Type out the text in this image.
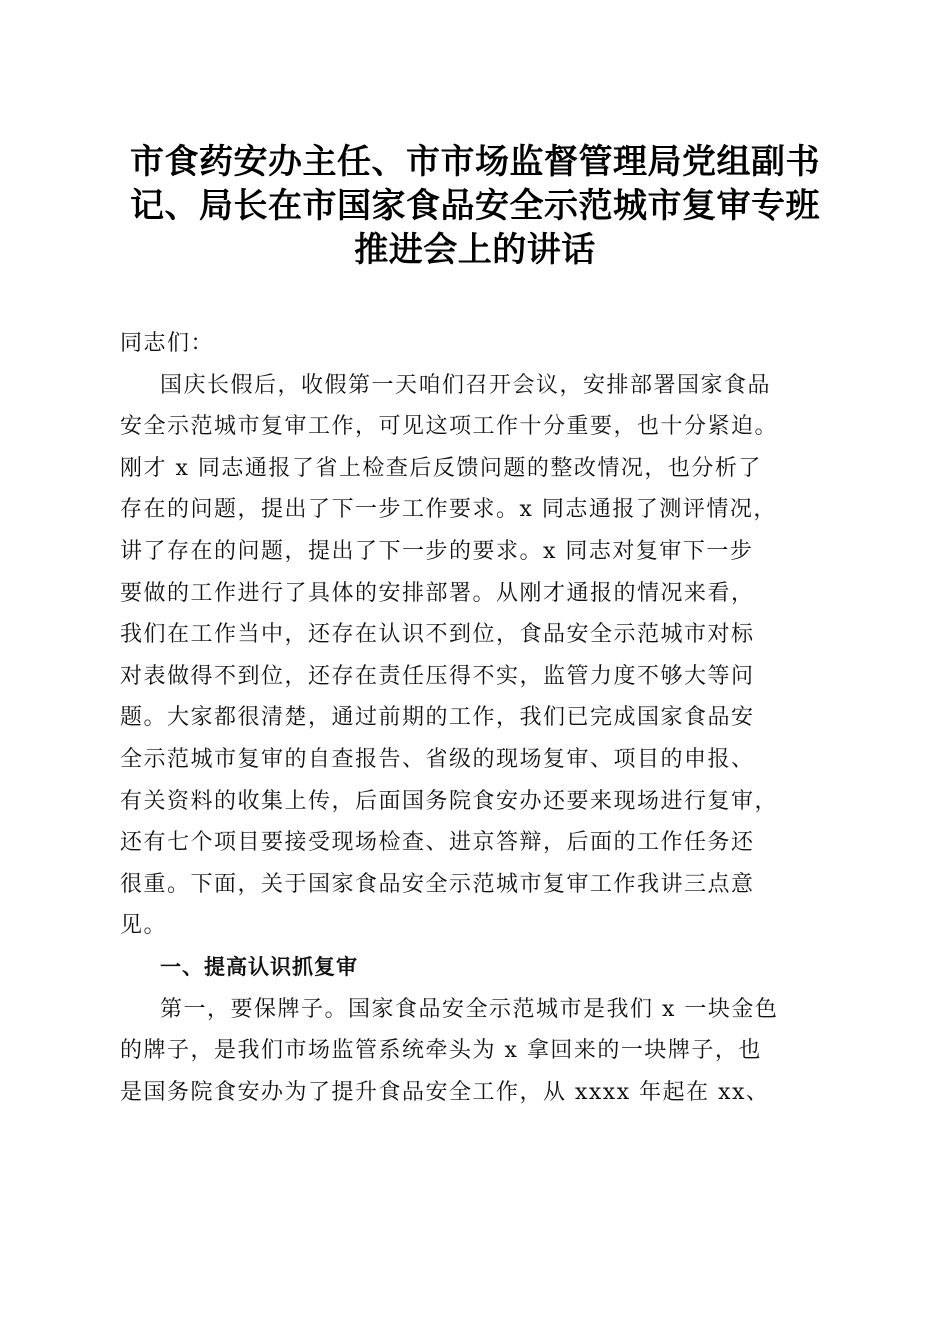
市食药安办主任、市市场监督管理局党组副书
记、局长在市国家食品安全示范城市复审专班
推进会上的讲话
同志们：
国庆长假后，收假第一天咱们召开会议，安排部署国家食品
安全示范城市复审工作，可见这项工作十分重要，也十分紧迫。
刚才 x 同志通报了省上检查后反馈问题的整改情况，也分析了
存在的问题，提出了下一步工作要求。x 同志通报了测评情况，
讲了存在的问题，提出了下一步的要求。x 同志对复审下一步
要做的工作进行了具体的安排部署。从刚才通报的情况来看，
我们在工作当中，还存在认识不到位，食品安全示范城市对标
对表做得不到位，还存在责任压得不实，监管力度不够大等问
题。大家都很清楚，通过前期的工作，我们已完成国家食品安
全示范城市复审的自查报告、省级的现场复审、项目的申报、
有关资料的收集上传，后面国务院食安办还要来现场进行复审，
还有七个项目要接受现场检查、进京答辩，后面的工作任务还
很重。下面，关于国家食品安全示范城市复审工作我讲三点意
见。
一、提高认识抓复审
第一，要保牌子。国家食品安全示范城市是我们 x 一块金色
的牌子，是我们市场监管系统牵头为 x 拿回来的一块牌子，也
是国务院食安办为了提升食品安全工作，从 xxxx 年起在 xx、
